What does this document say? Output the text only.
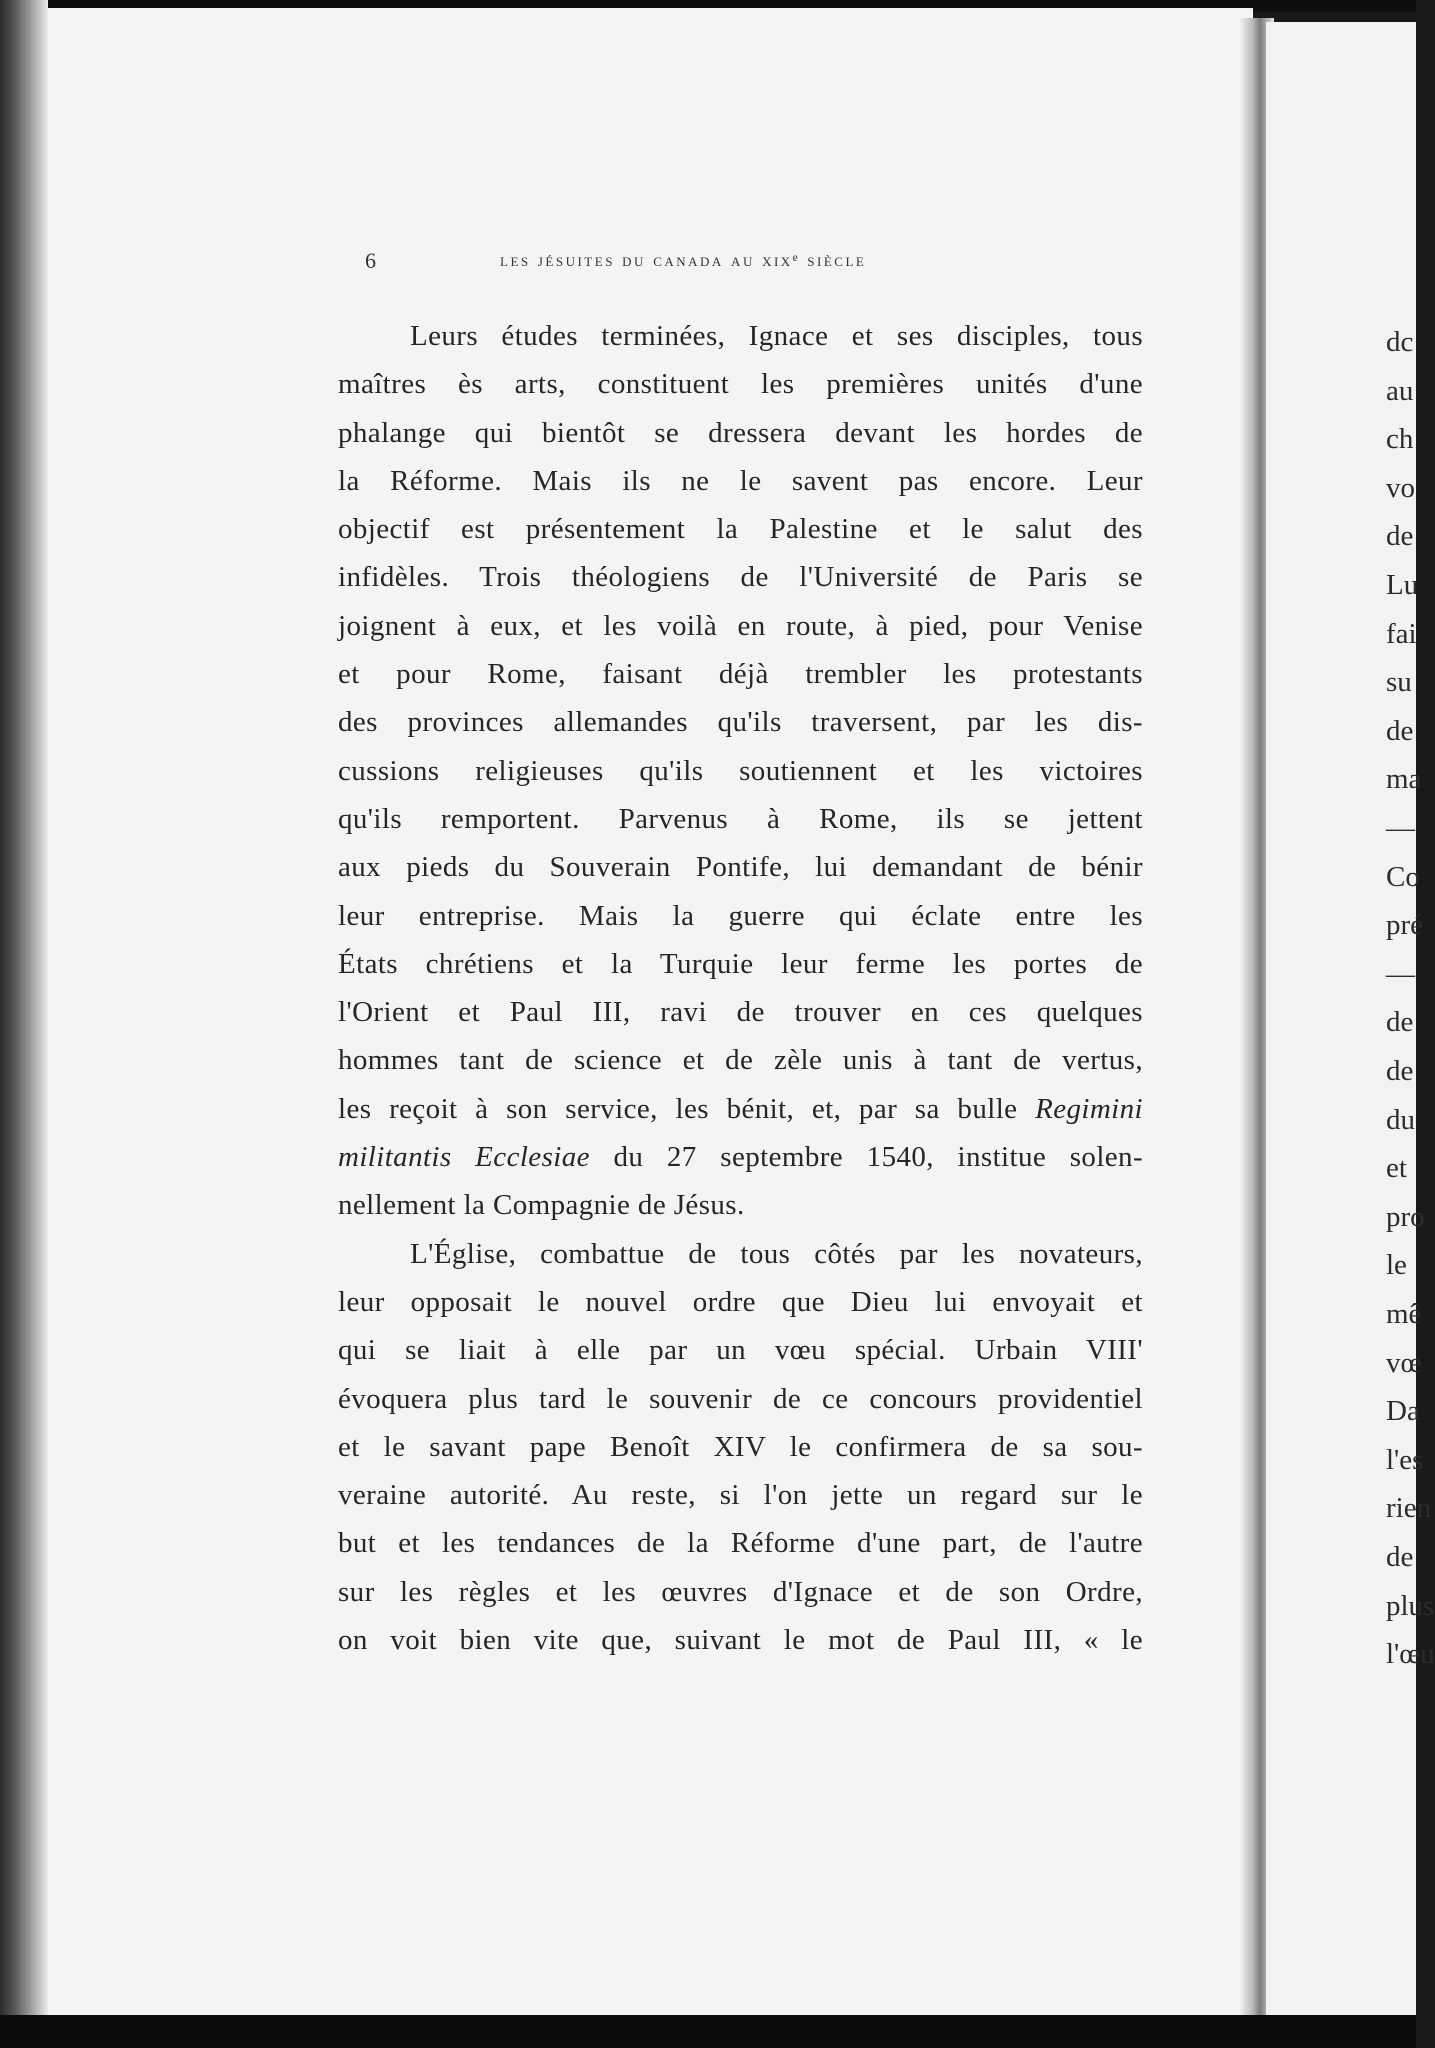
dc
au
ch
vo
de
Lu
fai
su
de
ma
—
Co
pré
—
de
de
du
et
pro
le
mê
vœ
Da
l'es
rien
de
plus
l'œu
6	les jésuites du canada au xixᵉ siècle
Leurs études terminées, Ignace et ses disciples, tous
maîtres ès arts, constituent les premières unités d'une
phalange qui bientôt se dressera devant les hordes de
la Réforme. Mais ils ne le savent pas encore. Leur
objectif est présentement la Palestine et le salut des
infidèles. Trois théologiens de l'Université de Paris se
joignent à eux, et les voilà en route, à pied, pour Venise
et pour Rome, faisant déjà trembler les protestants
des provinces allemandes qu'ils traversent, par les dis-
cussions religieuses qu'ils soutiennent et les victoires
qu'ils remportent. Parvenus à Rome, ils se jettent
aux pieds du Souverain Pontife, lui demandant de bénir
leur entreprise. Mais la guerre qui éclate entre les
États chrétiens et la Turquie leur ferme les portes de
l'Orient et Paul III, ravi de trouver en ces quelques
hommes tant de science et de zèle unis à tant de vertus,
les reçoit à son service, les bénit, et, par sa bulle Regimini
militantis Ecclesiae du 27 septembre 1540, institue solen-
nellement la Compagnie de Jésus.
L'Église, combattue de tous côtés par les novateurs,
leur opposait le nouvel ordre que Dieu lui envoyait et
qui se liait à elle par un vœu spécial. Urbain VIII'
évoquera plus tard le souvenir de ce concours providentiel
et le savant pape Benoît XIV le confirmera de sa sou-
veraine autorité. Au reste, si l'on jette un regard sur le
but et les tendances de la Réforme d'une part, de l'autre
sur les règles et les œuvres d'Ignace et de son Ordre,
on voit bien vite que, suivant le mot de Paul III, « le
